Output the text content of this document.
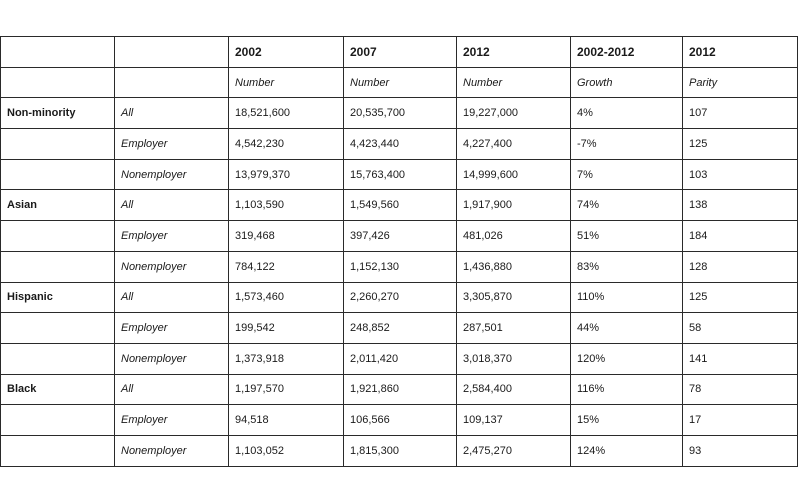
		2002	2007	2012	2002-2012	2012
		Number	Number	Number	Growth	Parity
Non-minority	All	18,521,600	20,535,700	19,227,000	4%	107
	Employer	4,542,230	4,423,440	4,227,400	-7%	125
	Nonemployer	13,979,370	15,763,400	14,999,600	7%	103
Asian	All	1,103,590	1,549,560	1,917,900	74%	138
	Employer	319,468	397,426	481,026	51%	184
	Nonemployer	784,122	1,152,130	1,436,880	83%	128
Hispanic	All	1,573,460	2,260,270	3,305,870	110%	125
	Employer	199,542	248,852	287,501	44%	58
	Nonemployer	1,373,918	2,011,420	3,018,370	120%	141
Black	All	1,197,570	1,921,860	2,584,400	116%	78
	Employer	94,518	106,566	109,137	15%	17
	Nonemployer	1,103,052	1,815,300	2,475,270	124%	93
